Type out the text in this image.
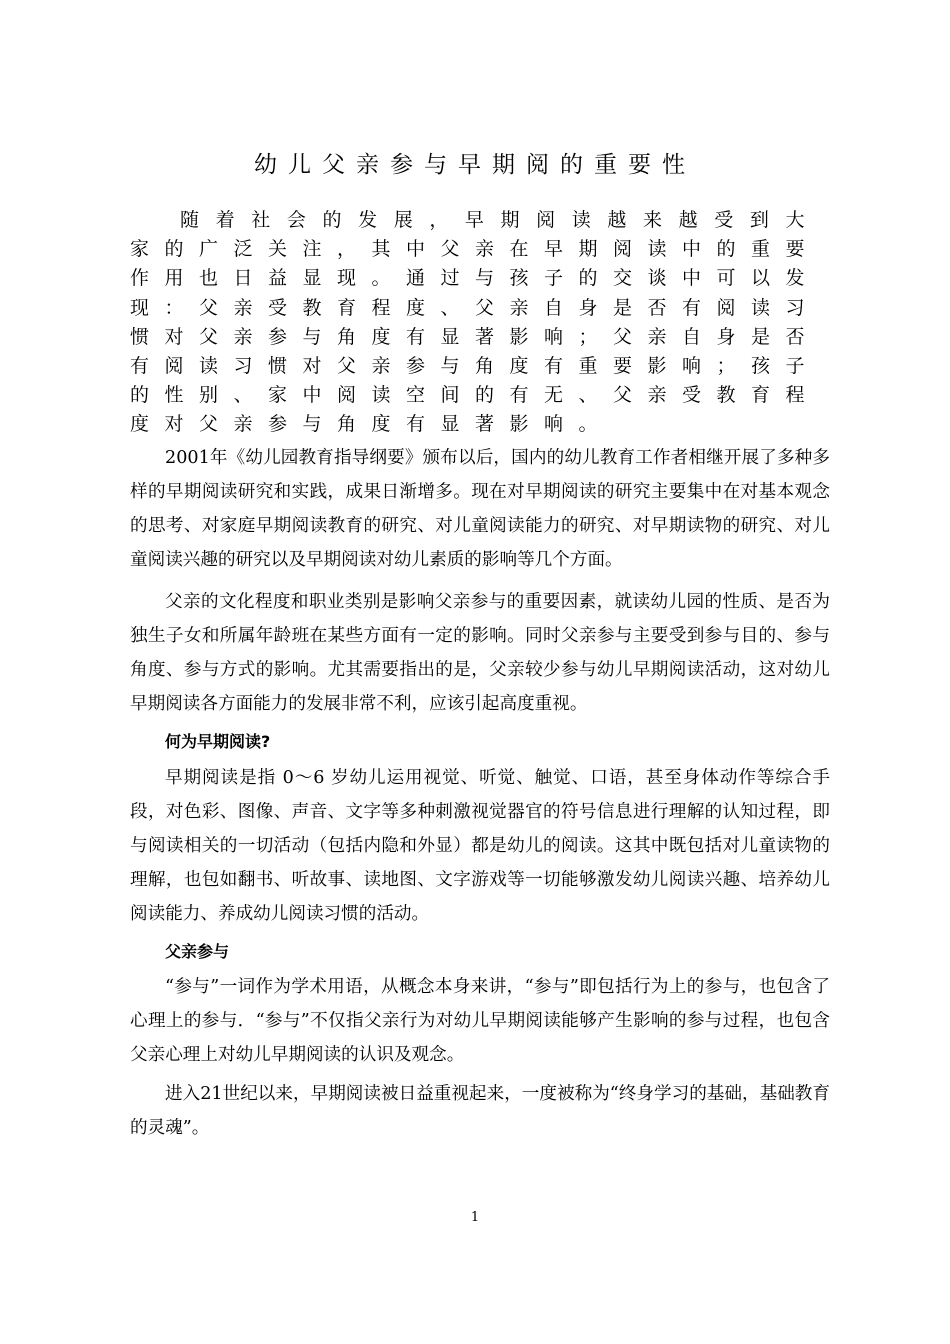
幼儿父亲参与早期阅的重要性

随着社会的发展，早期阅读越来越受到大家的广泛关注，其中父亲在早期阅读中的重要作用也日益显现。通过与孩子的交谈中可以发现：父亲受教育程度、父亲自身是否有阅读习惯对父亲参与角度有显著影响；父亲自身是否有阅读习惯对父亲参与角度有重要影响；孩子的性别、家中阅读空间的有无、父亲受教育程度对父亲参与角度有显著影响。

2001年《幼儿园教育指导纲要》颁布以后，国内的幼儿教育工作者相继开展了多种多样的早期阅读研究和实践，成果日渐增多。现在对早期阅读的研究主要集中在对基本观念的思考、对家庭早期阅读教育的研究、对儿童阅读能力的研究、对早期读物的研究、对儿童阅读兴趣的研究以及早期阅读对幼儿素质的影响等几个方面。

父亲的文化程度和职业类别是影响父亲参与的重要因素，就读幼儿园的性质、是否为独生子女和所属年龄班在某些方面有一定的影响。同时父亲参与主要受到参与目的、参与角度、参与方式的影响。尤其需要指出的是，父亲较少参与幼儿早期阅读活动，这对幼儿早期阅读各方面能力的发展非常不利，应该引起高度重视。

何为早期阅读?

早期阅读是指 0～6 岁幼儿运用视觉、听觉、触觉、口语，甚至身体动作等综合手段，对色彩、图像、声音、文字等多种刺激视觉器官的符号信息进行理解的认知过程，即与阅读相关的一切活动（包括内隐和外显）都是幼儿的阅读。这其中既包括对儿童读物的理解，也包如翻书、听故事、读地图、文字游戏等一切能够激发幼儿阅读兴趣、培养幼儿阅读能力、养成幼儿阅读习惯的活动。

父亲参与

“参与”一词作为学术用语，从概念本身来讲，“参与”即包括行为上的参与，也包含了心理上的参与．“参与”不仅指父亲行为对幼儿早期阅读能够产生影响的参与过程，也包含父亲心理上对幼儿早期阅读的认识及观念。

进入21世纪以来，早期阅读被日益重视起来，一度被称为“终身学习的基础，基础教育的灵魂”。

1
